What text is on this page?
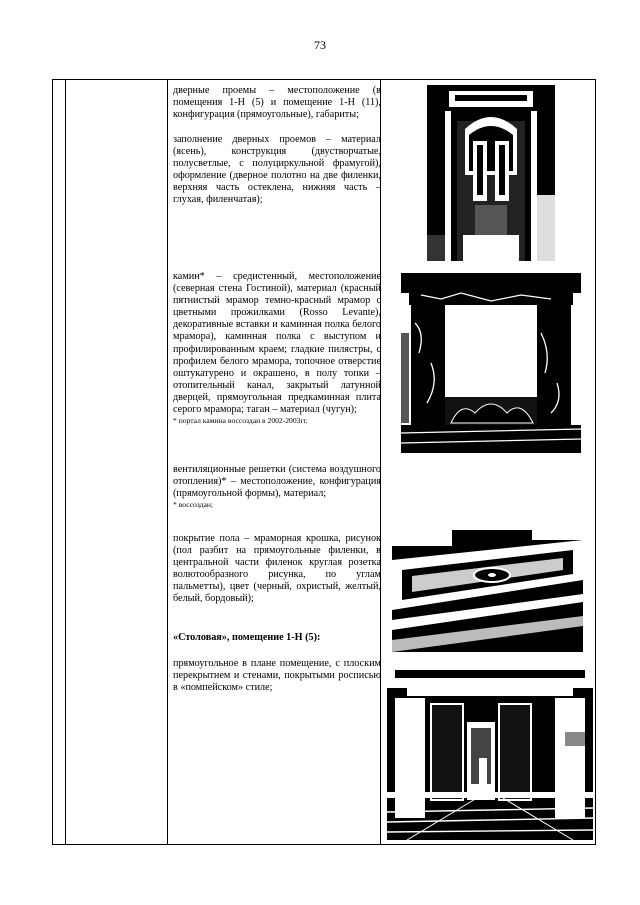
73
дверные проемы – местоположение (в помещения 1-Н (5) и помещение 1-Н (11), конфигурация (прямоугольные), габариты;
заполнение дверных проемов – материал (ясень), конструкция (двустворчатые, полусветлые, с полуциркульной фрамугой), оформление (дверное полотно на две филенки, верхняя часть остеклена, нижняя часть – глухая, филенчатая);
камин* – средистенный, местоположение (северная стена Гостиной), материал (красный пятнистый мрамор темно-красный мрамор с цветными прожилками (Rosso Levante), декоративные вставки и каминная полка белого мрамора), каминная полка с выступом и профилированным краем; гладкие пилястры, с профилем белого мрамора, топочное отверстие оштукатурено и окрашено, в полу топки – отопительный канал, закрытый латунной дверцей, прямоугольная предкаминная плита серого мрамора; таган – материал (чугун);
* портал камина воссоздан в 2002-2003гг.
вентиляционные решетки (система воздушного отопления)* – местоположение, конфигурация (прямоугольной формы), материал;
* воссоздан;
покрытие пола – мраморная крошка, рисунок (пол разбит на прямоугольные филенки, в центральной части филенок круглая розетка волютообразного рисунка, по углам пальметты), цвет (черный, охристый, желтый, белый, бордовый);
«Столовая», помещение 1-Н (5):
прямоугольное в плане помещение, с плоским перекрытием и стенами, покрытыми росписью в «помпейском» стиле;
